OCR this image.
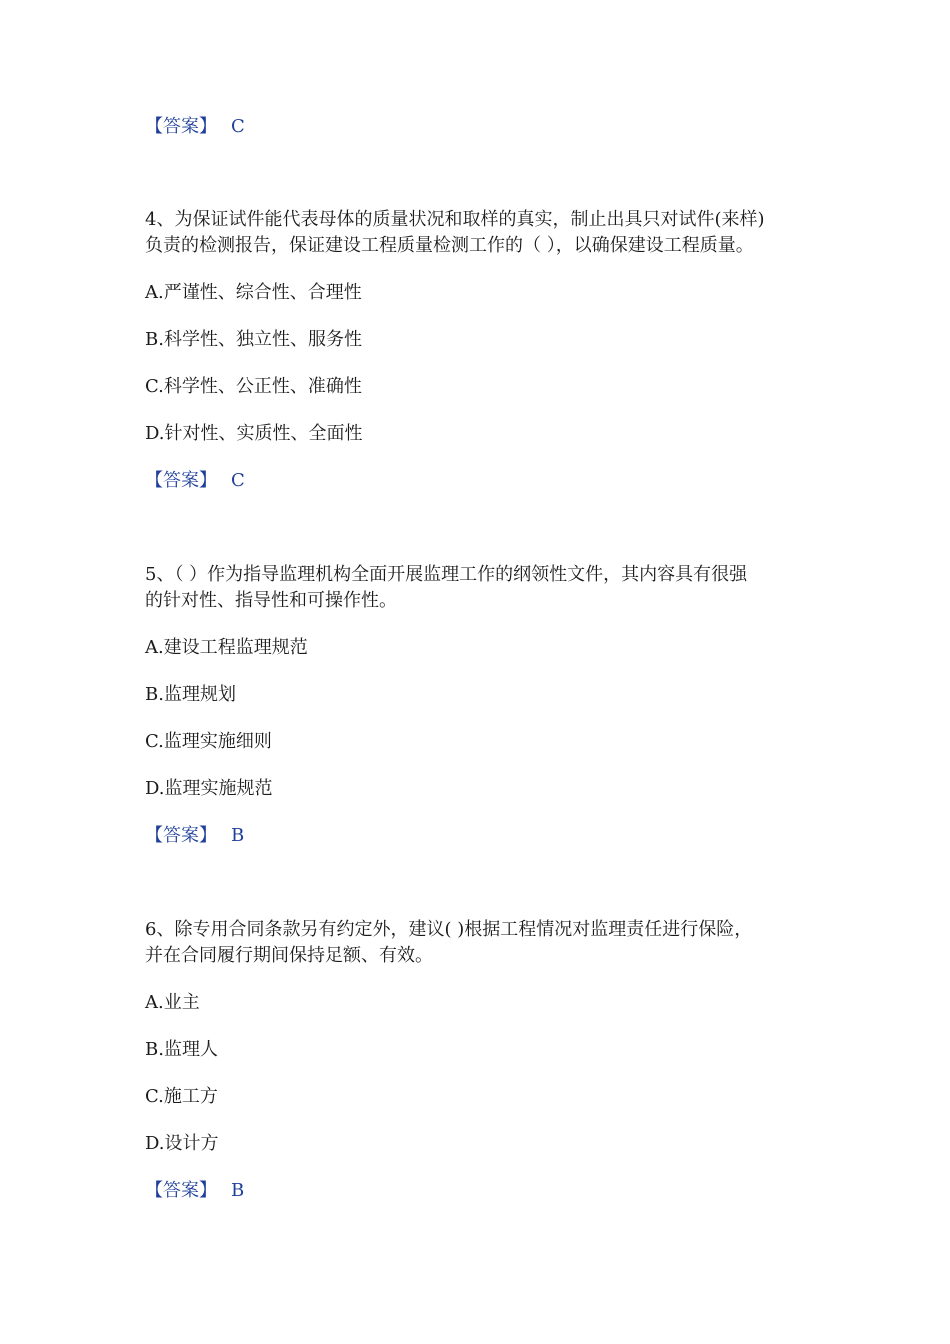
【答案】 C
4、为保证试件能代表母体的质量状况和取样的真实，制止出具只对试件(来样)
负责的检测报告，保证建设工程质量检测工作的（ ），以确保建设工程质量。
A.严谨性、综合性、合理性
B.科学性、独立性、服务性
C.科学性、公正性、准确性
D.针对性、实质性、全面性
【答案】 C
5、（ ）作为指导监理机构全面开展监理工作的纲领性文件，其内容具有很强
的针对性、指导性和可操作性。
A.建设工程监理规范
B.监理规划
C.监理实施细则
D.监理实施规范
【答案】 B
6、除专用合同条款另有约定外，建议( )根据工程情况对监理责任进行保险，
并在合同履行期间保持足额、有效。
A.业主
B.监理人
C.施工方
D.设计方
【答案】 B
